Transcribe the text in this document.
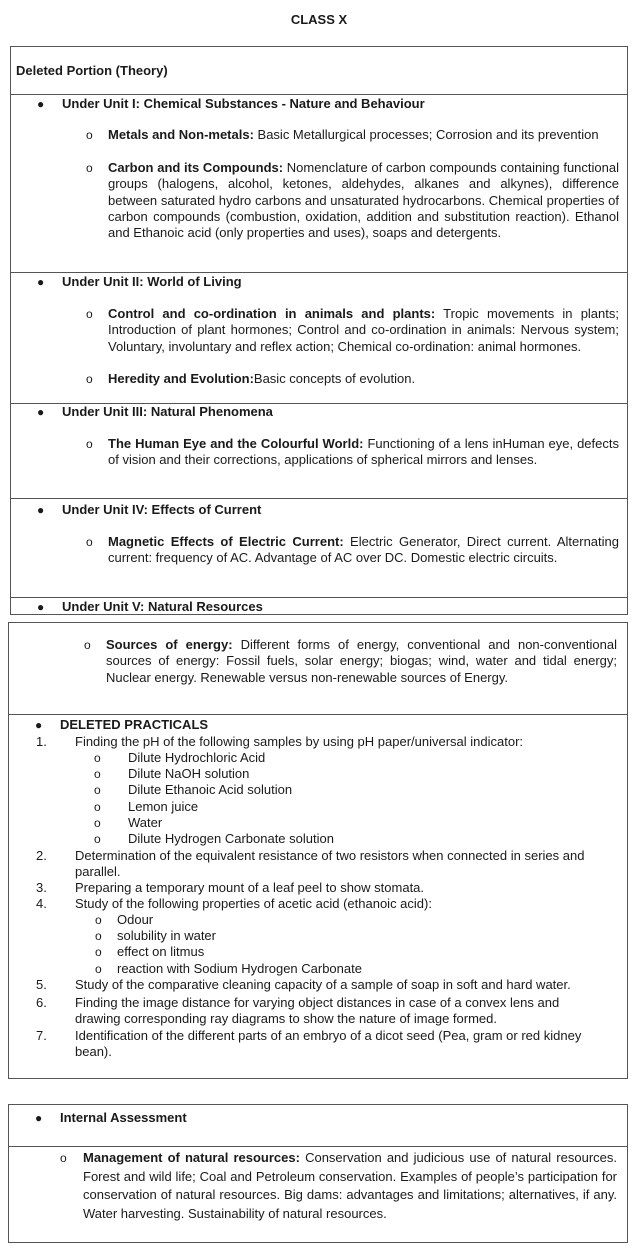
CLASS X
Deleted Portion (Theory)
● Under Unit I: Chemical Substances - Nature and Behaviour
o Metals and Non-metals: Basic Metallurgical processes; Corrosion and its prevention
o Carbon and its Compounds: Nomenclature of carbon compounds containing functional groups (halogens, alcohol, ketones, aldehydes, alkanes and alkynes), difference between saturated hydro carbons and unsaturated hydrocarbons. Chemical properties of carbon compounds (combustion, oxidation, addition and substitution reaction). Ethanol and Ethanoic acid (only properties and uses), soaps and detergents.
● Under Unit II: World of Living
o Control and co-ordination in animals and plants: Tropic movements in plants; Introduction of plant hormones; Control and co-ordination in animals: Nervous system; Voluntary, involuntary and reflex action; Chemical co-ordination: animal hormones.
o Heredity and Evolution:Basic concepts of evolution.
● Under Unit III: Natural Phenomena
o The Human Eye and the Colourful World: Functioning of a lens inHuman eye, defects of vision and their corrections, applications of spherical mirrors and lenses.
● Under Unit IV: Effects of Current
o Magnetic Effects of Electric Current: Electric Generator, Direct current. Alternating current: frequency of AC. Advantage of AC over DC. Domestic electric circuits.
● Under Unit V: Natural Resources
o Sources of energy: Different forms of energy, conventional and non-conventional sources of energy: Fossil fuels, solar energy; biogas; wind, water and tidal energy; Nuclear energy. Renewable versus non-renewable sources of Energy.
● DELETED PRACTICALS
1. Finding the pH of the following samples by using pH paper/universal indicator:
o Dilute Hydrochloric Acid
o Dilute NaOH solution
o Dilute Ethanoic Acid solution
o Lemon juice
o Water
o Dilute Hydrogen Carbonate solution
2. Determination of the equivalent resistance of two resistors when connected in series and parallel.
3. Preparing a temporary mount of a leaf peel to show stomata.
4. Study of the following properties of acetic acid (ethanoic acid):
o Odour
o solubility in water
o effect on litmus
o reaction with Sodium Hydrogen Carbonate
5. Study of the comparative cleaning capacity of a sample of soap in soft and hard water.
6. Finding the image distance for varying object distances in case of a convex lens and drawing corresponding ray diagrams to show the nature of image formed.
7. Identification of the different parts of an embryo of a dicot seed (Pea, gram or red kidney bean).
● Internal Assessment
o Management of natural resources: Conservation and judicious use of natural resources. Forest and wild life; Coal and Petroleum conservation. Examples of people’s participation for conservation of natural resources. Big dams: advantages and limitations; alternatives, if any. Water harvesting. Sustainability of natural resources.
